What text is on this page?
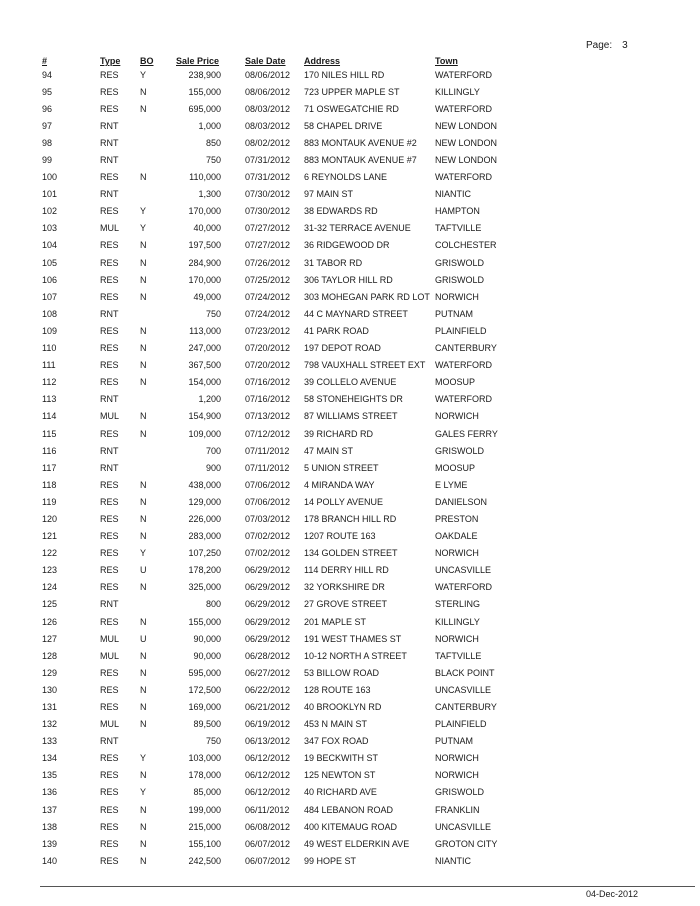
Page: 3
#	Type	BO	Sale Price		Sale Date	Address	Town
94	RES	Y	238,900		08/06/2012	170 NILES HILL RD	WATERFORD
95	RES	N	155,000		08/06/2012	723 UPPER MAPLE ST	KILLINGLY
96	RES	N	695,000		08/03/2012	71 OSWEGATCHIE RD	WATERFORD
97	RNT		1,000		08/03/2012	58 CHAPEL DRIVE	NEW LONDON
98	RNT		850		08/02/2012	883 MONTAUK AVENUE #2	NEW LONDON
99	RNT		750		07/31/2012	883 MONTAUK AVENUE #7	NEW LONDON
100	RES	N	110,000		07/31/2012	6 REYNOLDS LANE	WATERFORD
101	RNT		1,300		07/30/2012	97 MAIN ST	NIANTIC
102	RES	Y	170,000		07/30/2012	38 EDWARDS RD	HAMPTON
103	MUL	Y	40,000		07/27/2012	31-32 TERRACE AVENUE	TAFTVILLE
104	RES	N	197,500		07/27/2012	36 RIDGEWOOD DR	COLCHESTER
105	RES	N	284,900		07/26/2012	31 TABOR RD	GRISWOLD
106	RES	N	170,000		07/25/2012	306 TAYLOR HILL RD	GRISWOLD
107	RES	N	49,000		07/24/2012	303 MOHEGAN PARK RD LOT	NORWICH
108	RNT		750		07/24/2012	44 C MAYNARD STREET	PUTNAM
109	RES	N	113,000		07/23/2012	41 PARK ROAD	PLAINFIELD
110	RES	N	247,000		07/20/2012	197 DEPOT ROAD	CANTERBURY
111	RES	N	367,500		07/20/2012	798 VAUXHALL STREET EXT	WATERFORD
112	RES	N	154,000		07/16/2012	39 COLLELO AVENUE	MOOSUP
113	RNT		1,200		07/16/2012	58 STONEHEIGHTS DR	WATERFORD
114	MUL	N	154,900		07/13/2012	87 WILLIAMS STREET	NORWICH
115	RES	N	109,000		07/12/2012	39 RICHARD RD	GALES FERRY
116	RNT		700		07/11/2012	47 MAIN ST	GRISWOLD
117	RNT		900		07/11/2012	5 UNION STREET	MOOSUP
118	RES	N	438,000		07/06/2012	4 MIRANDA WAY	E LYME
119	RES	N	129,000		07/06/2012	14 POLLY AVENUE	DANIELSON
120	RES	N	226,000		07/03/2012	178 BRANCH HILL RD	PRESTON
121	RES	N	283,000		07/02/2012	1207 ROUTE 163	OAKDALE
122	RES	Y	107,250		07/02/2012	134 GOLDEN STREET	NORWICH
123	RES	U	178,200		06/29/2012	114 DERRY HILL RD	UNCASVILLE
124	RES	N	325,000		06/29/2012	32 YORKSHIRE DR	WATERFORD
125	RNT		800		06/29/2012	27 GROVE STREET	STERLING
126	RES	N	155,000		06/29/2012	201 MAPLE ST	KILLINGLY
127	MUL	U	90,000		06/29/2012	191 WEST THAMES ST	NORWICH
128	MUL	N	90,000		06/28/2012	10-12 NORTH A STREET	TAFTVILLE
129	RES	N	595,000		06/27/2012	53 BILLOW ROAD	BLACK POINT
130	RES	N	172,500		06/22/2012	128 ROUTE 163	UNCASVILLE
131	RES	N	169,000		06/21/2012	40 BROOKLYN RD	CANTERBURY
132	MUL	N	89,500		06/19/2012	453 N MAIN ST	PLAINFIELD
133	RNT		750		06/13/2012	347 FOX ROAD	PUTNAM
134	RES	Y	103,000		06/12/2012	19 BECKWITH ST	NORWICH
135	RES	N	178,000		06/12/2012	125 NEWTON ST	NORWICH
136	RES	Y	85,000		06/12/2012	40 RICHARD AVE	GRISWOLD
137	RES	N	199,000		06/11/2012	484 LEBANON ROAD	FRANKLIN
138	RES	N	215,000		06/08/2012	400 KITEMAUG ROAD	UNCASVILLE
139	RES	N	155,100		06/07/2012	49 WEST ELDERKIN AVE	GROTON CITY
140	RES	N	242,500		06/07/2012	99 HOPE ST	NIANTIC
04-Dec-2012
